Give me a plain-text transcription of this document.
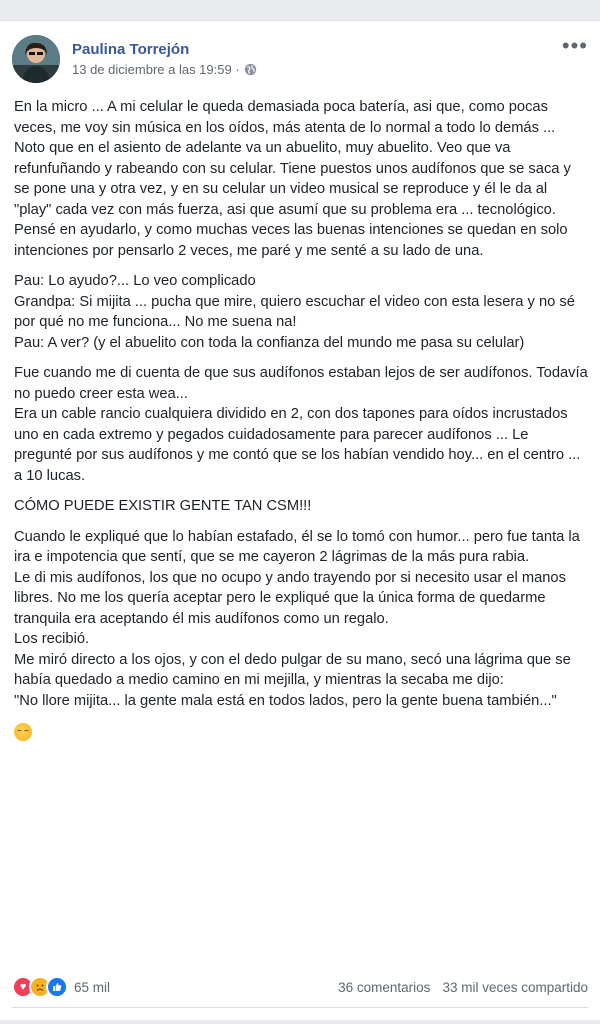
Paulina Torrejón
13 de diciembre a las 19:59 ·
•••

En la micro ... A mi celular le queda demasiada poca batería, asi que, como pocas veces, me voy sin música en los oídos, más atenta de lo normal a todo lo demás ... Noto que en el asiento de adelante va un abuelito, muy abuelito. Veo que va refunfuñando y rabeando con su celular. Tiene puestos unos audífonos que se saca y se pone una y otra vez, y en su celular un video musical se reproduce y él le da al "play" cada vez con más fuerza, asi que asumí que su problema era ... tecnológico.
Pensé en ayudarlo, y como muchas veces las buenas intenciones se quedan en solo intenciones por pensarlo 2 veces, me paré y me senté a su lado de una.

Pau: Lo ayudo?... Lo veo complicado
Grandpa: Si mijita ... pucha que mire, quiero escuchar el video con esta lesera y no sé por qué no me funciona... No me suena na!
Pau: A ver? (y el abuelito con toda la confianza del mundo me pasa su celular)

Fue cuando me di cuenta de que sus audífonos estaban lejos de ser audífonos. Todavía no puedo creer esta wea...
Era un cable rancio cualquiera dividido en 2, con dos tapones para oídos incrustados uno en cada extremo y pegados cuidadosamente para parecer audífonos ... Le pregunté por sus audífonos y me contó que se los habían vendido hoy... en el centro ... a 10 lucas.

CÓMO PUEDE EXISTIR GENTE TAN CSM!!!

Cuando le expliqué que lo habían estafado, él se lo tomó con humor... pero fue tanta la ira e impotencia que sentí, que se me cayeron 2 lágrimas de la más pura rabia.
Le di mis audífonos, los que no ocupo y ando trayendo por si necesito usar el manos libres. No me los quería aceptar pero le expliqué que la única forma de quedarme tranquila era aceptando él mis audífonos como un regalo.
Los recibió.
Me miró directo a los ojos, y con el dedo pulgar de su mano, secó una lágrima que se había quedado a medio camino en mi mejilla, y mientras la secaba me dijo:
"No llore mijita... la gente mala está en todos lados, pero la gente buena también..."

♥	65 mil	36 comentarios 33 mil veces compartido
